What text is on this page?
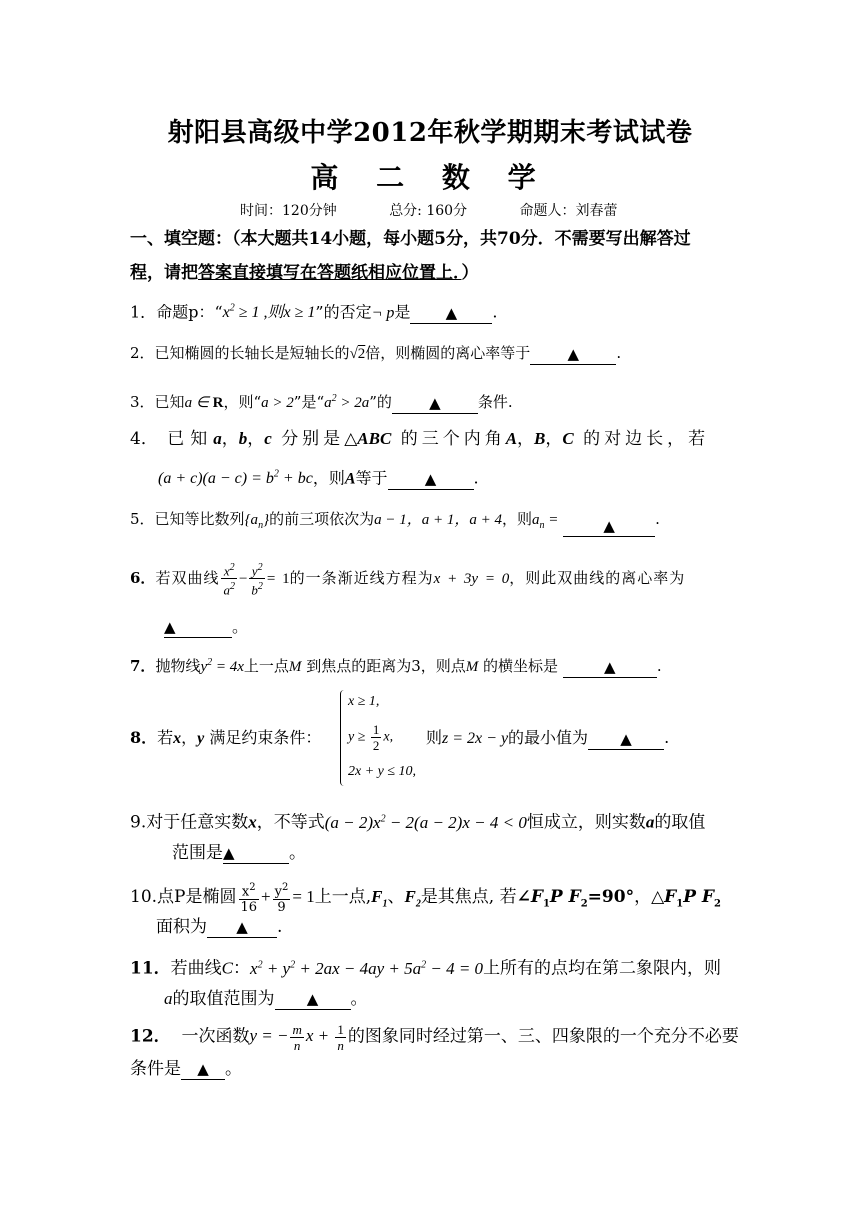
射阳县高级中学2012年秋学期期末考试试卷
高 二 数 学
时间：120分钟	总分: 160分	命题人：刘春蕾
一、填空题：（本大题共14小题，每小题5分，共70分．不需要写出解答过
程，请把答案直接填写在答题纸相应位置上．）
1．命题p：“$x^2 \ge 1$ ,则x ≥ 1”的否定¬ p是 ▲ .
2．已知椭圆的长轴长是短轴长的√2倍，则椭圆的离心率等于 ▲ .
3．已知a ∈ R，则“a > 2”是“$a^2 > 2a$”的 ▲ 条件.
4． 已知a，b，c 分别是△ABC 的三个内角A，B，C 的对边长，若
$(a + c)(a - c) = b^2$ + bc，则A等于 ▲ .
5．已知等比数列$\{a_n\}$的前三项依次为a − 1，a + 1，a + 4，则$a_n$ =	▲	.
6．若双曲线 $\frac{x^2}{a^2} - \frac{y^2}{b^2} = 1$的一条渐近线方程为x + 3y = 0，则此双曲线的离心率为
▲	。
7．抛物线$y^2 = 4x$上一点M 到焦点的距离为3，则点M 的横坐标是	▲	.
x ≥ 1,
$y \ge \frac{1}{2} x$,
2x + y ≤ 10,
8．若x，y 满足约束条件：	则z = 2x − y的最小值为 ▲ .
9.对于任意实数x，不等式$(a - 2)x^2 - 2(a - 2)x - 4 < 0$恒成立，则实数a的取值
范围是▲	。
10.点P是椭圆 $\frac{x^2}{16} + \frac{y^2}{9} = 1$上一点$,F_1$、$F_2$是其焦点, 若$\angle F_1P$ $F_2=90^\circ$，$\triangle F_1P$ $F_2$
面积为 ▲ .
11．若曲线C：$x^2 + y^2 + 2ax - 4ay + 5a^2 - 4 = 0$上所有的点均在第二象限内，则
a的取值范围为 ▲ 。
12． 一次函数y = − $\frac{m}{n}$ $x + \frac{1}{n}$ 的图象同时经过第一、三、四象限的一个充分不必要
条件是 ▲ 。
